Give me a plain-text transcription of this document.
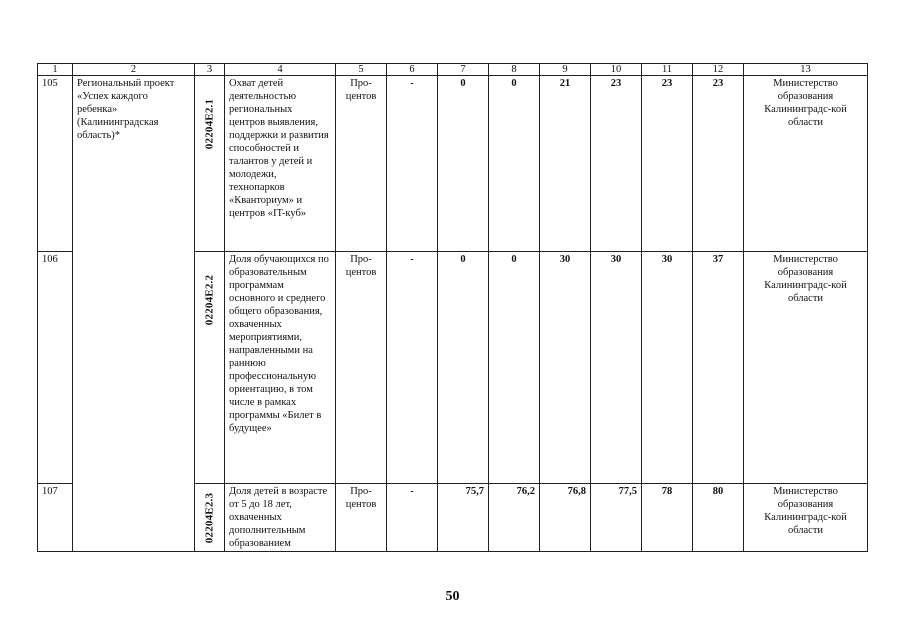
1	2	3	4	5	6	7	8	9	10	11	12	13
105	Региональный проект «Успех каждого ребенка» (Калининградская область)*	02204E2.1	Охват детей деятельностью региональных центров выявления, поддержки и развития способностей и талантов у детей и молодежи, технопарков «Кванториум» и центров «IT-куб»	Про-центов	-	0	0	21	23	23	23	Министерство образования Калининградс-кой области
106		02204E2.2	Доля обучающихся по образовательным программам основного и среднего общего образования, охваченных мероприятиями, направленными на раннюю профессиональную ориентацию, в том числе в рамках программы «Билет в будущее»	Про-центов	-	0	0	30	30	30	37	Министерство образования Калининградс-кой области
107		02204E2.3	Доля детей в возрасте от 5 до 18 лет, охваченных дополнительным образованием	Про-центов	-	75,7	76,2	76,8	77,5	78	80	Министерство образования Калининградс-кой области
50
